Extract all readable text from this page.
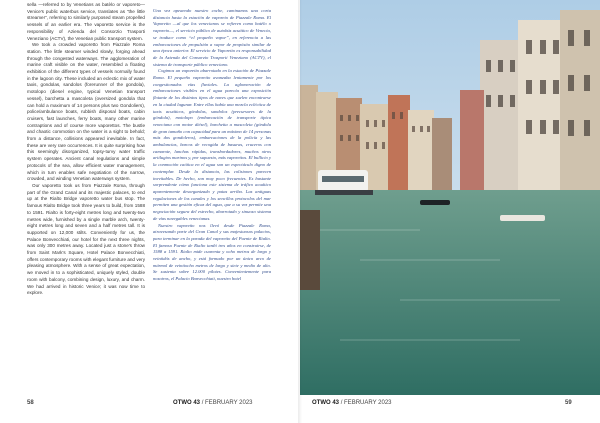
sella —referred to by Venetians as batèlo or vaporeto— Venice's public waterbus service, translates as “the little streamer”, referring to similarly purposed steam propelled vessels of an earlier era. The vaporetto service is the responsibility of Azienda del Consorzio Trasporti Veneziano (ACTV), the Venetian public transport system.

We took a crowded vaporetto from Piazzale Roma station. The little steamer winded slowly, forging ahead through the congested waterways. The agglomeration of marine craft visible on the water, resembled a floating exhibition of the different types of vessels normally found in the lagoon city. These included an eclectic mix of water taxis, gondolas, sandolos (forerunner of the gondola), motolopo (diesel engine, typical Venetian transport vessel), barchetta a mascoleta (oversized gondola that can hold a maximum of 14 persons plus two Gondoliers), police/ambulance boats, rubbish disposal boats, cabin cruisers, fast launches, ferry boats, many other marine contraptions and of course more vaporettos. The bustle and chaotic commotion on the water is a sight to behold; from a distance, collisions appeared inevitable. In fact, these are very rare occurrences. It is quite surprising how this seemingly disorganized, topsy-turvy water traffic system operates. Ancient canal regulations and simple protocols of the sea, allow efficient water management, which in turn enables safe negotiation of the narrow, crowded, and winding Venetian waterways system.

Our vaporetto took us from Piazzale Roma, through part of the Grand Canal and its majestic palaces, to end up at the Rialto Bridge vaporetto water bus stop. The famous Rialto Bridge took three years to build, from 1588 to 1591. Rialto is forty-eight metres long and twenty-two metres wide, furnished by a single marble arch, twenty-eight metres long and seven and a half metres tall. It is supported on 12,000 stilts. Conveniently for us, the Palace Bonvecchiati, our hotel for the next three nights, was only 300 metres away. Located just a stone's throw from Saint Mark's Square, Hotel Palace Bonvecchiati, offers contemporary rooms with elegant furniture and very pleasing atmosphere. With a sense of great expectation, we moved in to a sophisticated, uniquely styled, double room with balcony, combining design, luxury, and charm. We had arrived in historic Venice; it was now time to explore.

Una vez apeaendo nuestro coche, caminamos una corta distancia hasta la estación de vaporeto de Piazzale Roma. El Vaporetto —al que los venecianos se refieren como batèlo o vaporeto—, el servicio público de autobús acuático de Venecia, se traduce como “el pequeño vapor”, en referencia a las embarcaciones de propulsión a vapor de propósito similar de una época anterior. El servicio de Vaporetto es responsabilidad de la Azienda del Consorzio Trasporti Veneziano (ACTV), el sistema de transporte público veneciano.

Cogimos un vaporetto abarrotado en la estación de Piazzale Roma. El pequeño vaporetto avanzaba lentamente por los congestionados vías fluviales. La aglomeración de embarcaciones visibles en el agua parecía una exposición flotante de los distintos tipos de naves que suelen encontrarse en la ciudad lagunar. Entre ellas había una mezcla ecléctica de taxis acuáticos, góndolas, sandolos (precursores de la góndola), motolopo (embarcación de transporte típica veneciana con motor diésel), barchetta a mascoleta (góndola de gran tamaño con capacidad para un máximo de 14 personas más dos gondoleros), embarcaciones de la policía y las ambulancias, barcos de recogida de basuras, cruceros con camarote, lanchas rápidas, transbordadores, muchos otros artilugios marinos y, por supuesto, más vaporettos. El bullicio y la conmoción caótica en el agua son un espectáculo digno de contemplar. Desde la distancia, las colisiones parecen inevitables. De hecho, son muy poco frecuentes. Es bastante sorprendente cómo funciona este sistema de tráfico acuático aparentemente desorganizado y patas arriba. Las antiguas regulaciones de los canales y los sencillos protocolos del mar permiten una gestión eficaz del agua, que a su vez permite una negociación segura del estrecho, abarrotado y sinuoso sistema de vías navegables venecianas.

Nuestro vaporetto nos llevó desde Piazzale Roma, atravesando parte del Gran Canal y sus majestuosos palacios, para terminar en la parada del vaporetto del Puente de Rialto. El famoso Puente de Rialto tardó tres años en construirse, de 1588 a 1591. Rialto mide cuarenta y ocho metros de largo y veintidós de ancho, y está formado por un único arco de mármol de veintiocho metros de largo y siete y medio de alto. Se sustenta sobre 12.000 pilotes. Convenientemente para nosotros, el Palacio Bonvecchiati, nuestro hotel

58	OTWO 43 / FEBRUARY 2023	OTWO 43 / FEBRUARY 2023	59
